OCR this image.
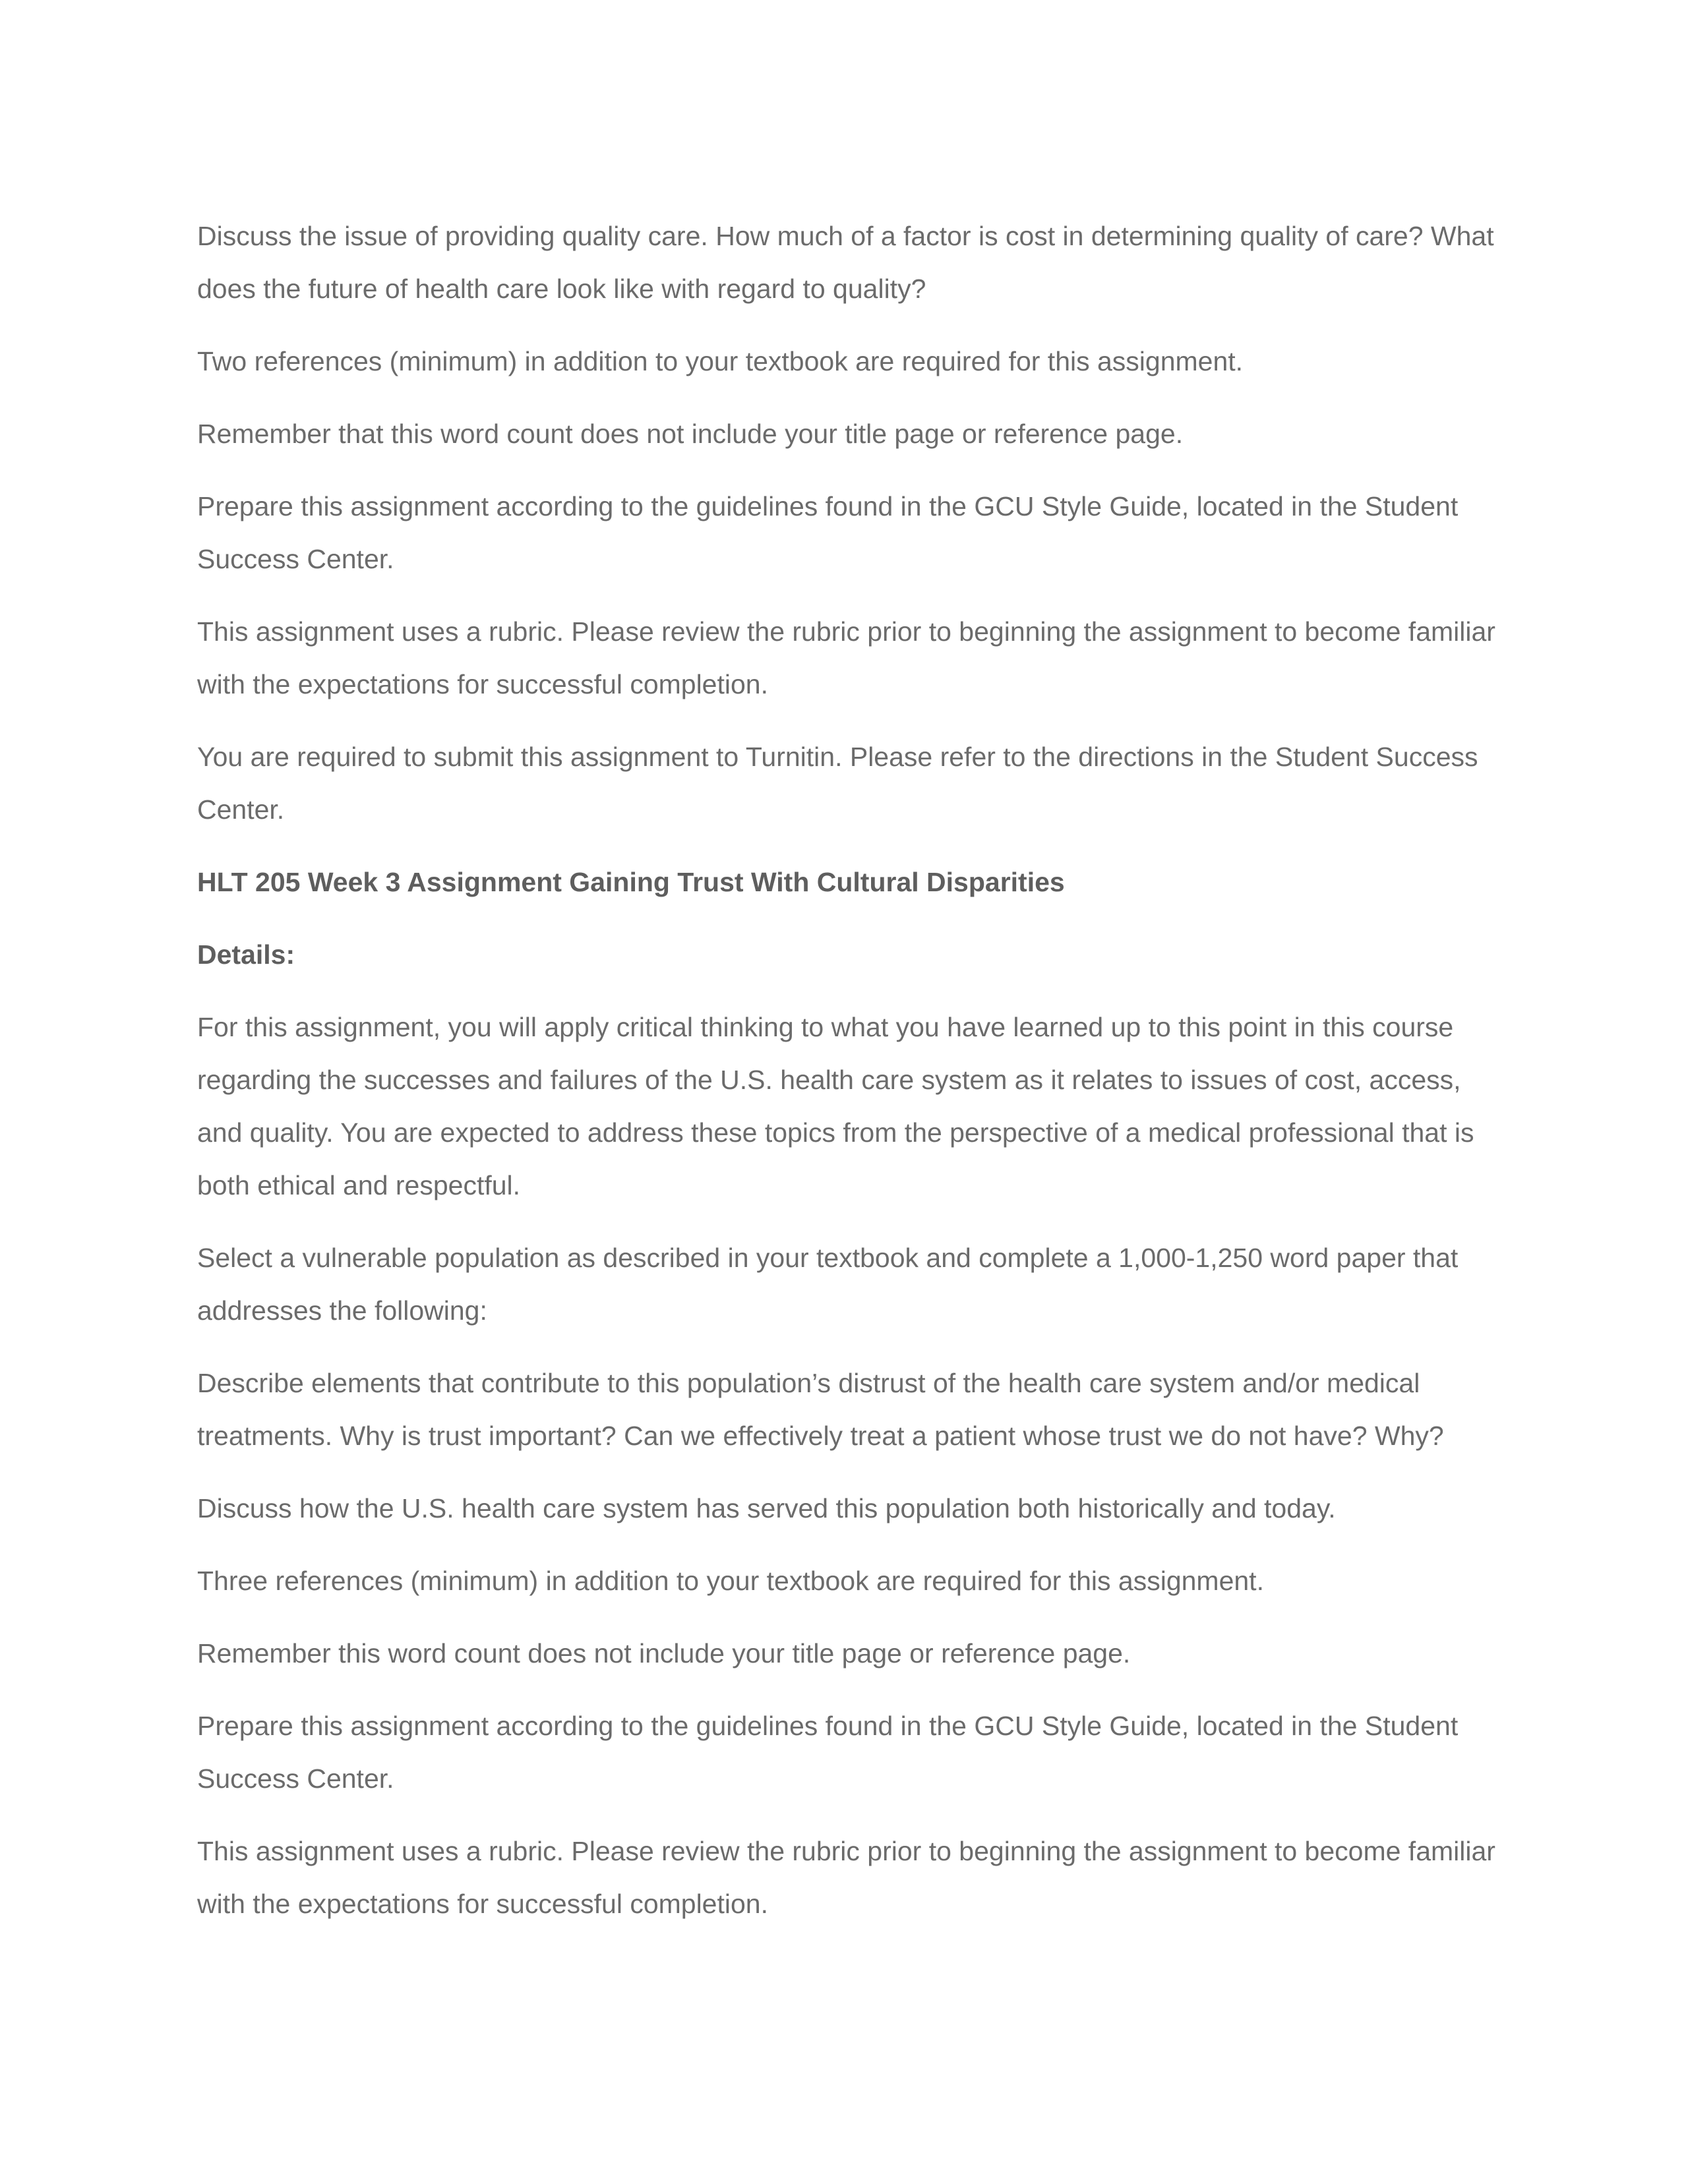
Discuss the issue of providing quality care. How much of a factor is cost in determining quality of care? What does the future of health care look like with regard to quality?

Two references (minimum) in addition to your textbook are required for this assignment.

Remember that this word count does not include your title page or reference page.

Prepare this assignment according to the guidelines found in the GCU Style Guide, located in the Student Success Center.

This assignment uses a rubric. Please review the rubric prior to beginning the assignment to become familiar with the expectations for successful completion.

You are required to submit this assignment to Turnitin. Please refer to the directions in the Student Success Center.

HLT 205 Week 3 Assignment Gaining Trust With Cultural Disparities

Details:

For this assignment, you will apply critical thinking to what you have learned up to this point in this course regarding the successes and failures of the U.S. health care system as it relates to issues of cost, access, and quality. You are expected to address these topics from the perspective of a medical professional that is both ethical and respectful.

Select a vulnerable population as described in your textbook and complete a 1,000-1,250 word paper that addresses the following:

Describe elements that contribute to this population’s distrust of the health care system and/or medical treatments. Why is trust important? Can we effectively treat a patient whose trust we do not have? Why?

Discuss how the U.S. health care system has served this population both historically and today.

Three references (minimum) in addition to your textbook are required for this assignment.

Remember this word count does not include your title page or reference page.

Prepare this assignment according to the guidelines found in the GCU Style Guide, located in the Student Success Center.

This assignment uses a rubric. Please review the rubric prior to beginning the assignment to become familiar with the expectations for successful completion.
